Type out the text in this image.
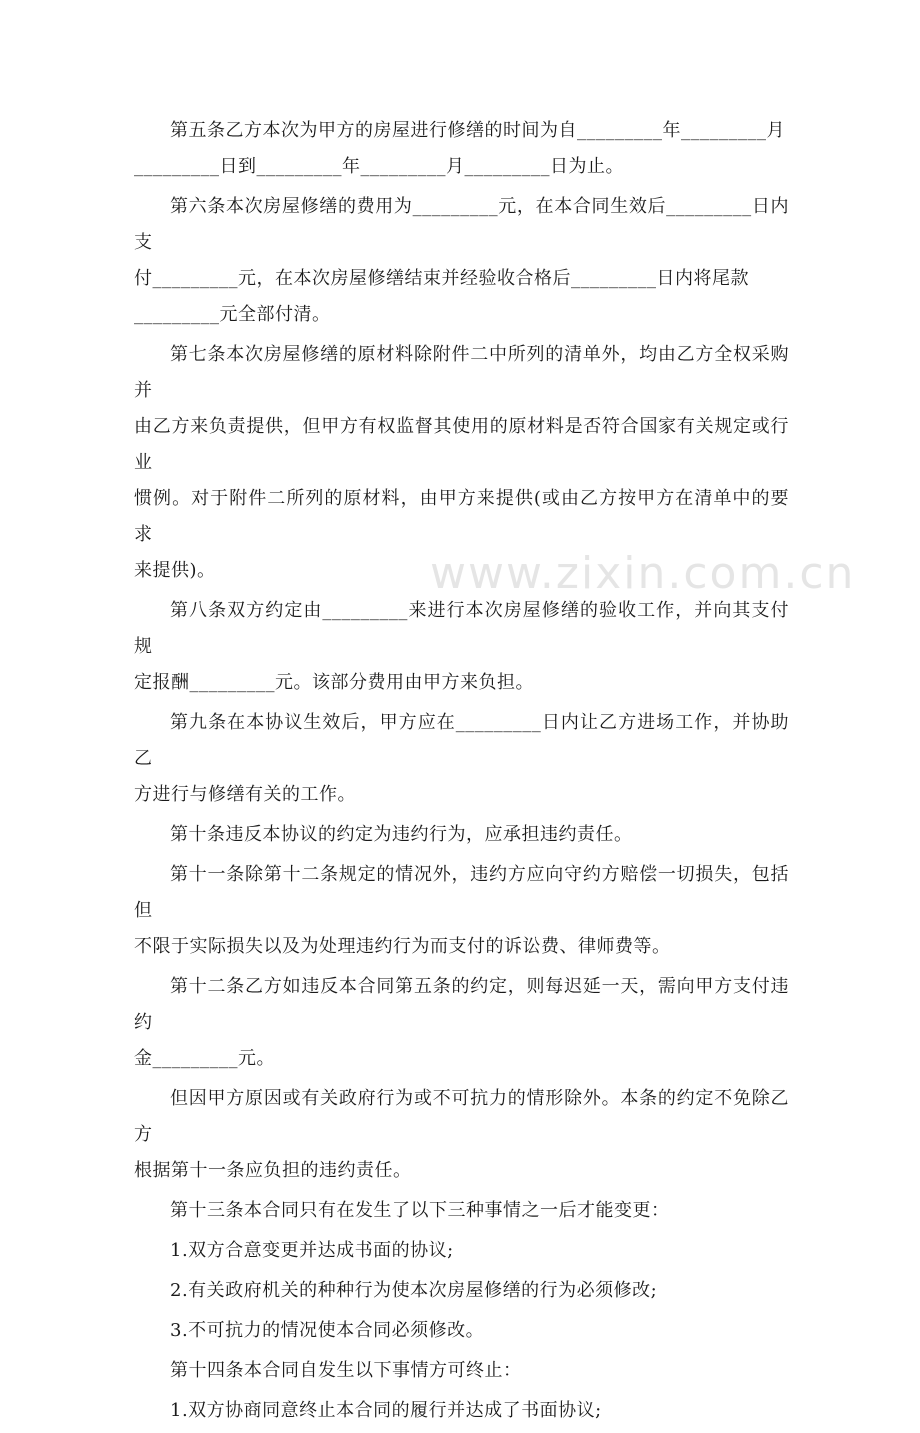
第五条乙方本次为甲方的房屋进行修缮的时间为自_________年_________月
_________日到_________年_________月_________日为止。

第六条本次房屋修缮的费用为_________元，在本合同生效后_________日内支
付_________元，在本次房屋修缮结束并经验收合格后_________日内将尾款
_________元全部付清。

第七条本次房屋修缮的原材料除附件二中所列的清单外，均由乙方全权采购并
由乙方来负责提供，但甲方有权监督其使用的原材料是否符合国家有关规定或行业
惯例。对于附件二所列的原材料，由甲方来提供(或由乙方按甲方在清单中的要求
来提供)。

第八条双方约定由_________来进行本次房屋修缮的验收工作，并向其支付规
定报酬_________元。该部分费用由甲方来负担。

第九条在本协议生效后，甲方应在_________日内让乙方进场工作，并协助乙
方进行与修缮有关的工作。

第十条违反本协议的约定为违约行为，应承担违约责任。

第十一条除第十二条规定的情况外，违约方应向守约方赔偿一切损失，包括但
不限于实际损失以及为处理违约行为而支付的诉讼费、律师费等。

第十二条乙方如违反本合同第五条的约定，则每迟延一天，需向甲方支付违约
金_________元。

但因甲方原因或有关政府行为或不可抗力的情形除外。本条的约定不免除乙方
根据第十一条应负担的违约责任。

第十三条本合同只有在发生了以下三种事情之一后才能变更：

1.双方合意变更并达成书面的协议;

2.有关政府机关的种种行为使本次房屋修缮的行为必须修改;

3.不可抗力的情况使本合同必须修改。

第十四条本合同自发生以下事情方可终止：

1.双方协商同意终止本合同的履行并达成了书面协议;

www.zixin.com.cn
